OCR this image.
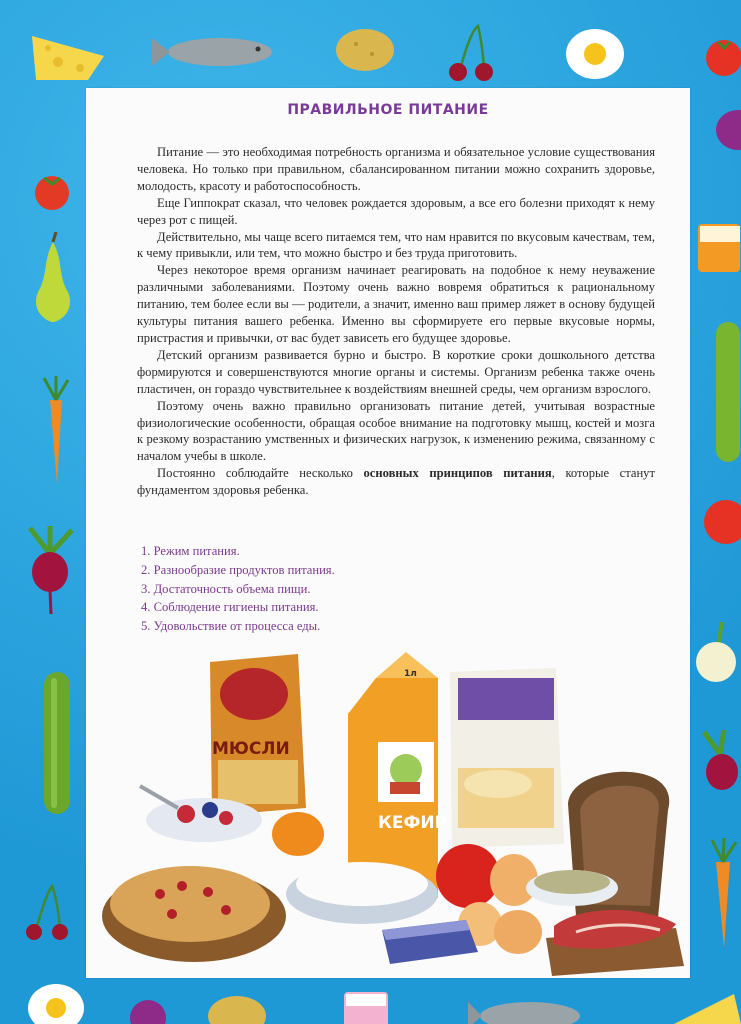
ПРАВИЛЬНОЕ ПИТАНИЕ

Питание — это необходимая потребность организма и обязательное условие существования человека. Но только при правильном, сбалансированном питании можно сохранить здоровье, молодость, красоту и работоспособность.

Еще Гиппократ сказал, что человек рождается здоровым, а все его болезни приходят к нему через рот с пищей.

Действительно, мы чаще всего питаемся тем, что нам нравится по вкусовым качествам, тем, к чему привыкли, или тем, что можно быстро и без труда приготовить.

Через некоторое время организм начинает реагировать на подобное к нему неуважение различными заболеваниями. Поэтому очень важно вовремя обратиться к рациональному питанию, тем более если вы — родители, а значит, именно ваш пример ляжет в основу будущей культуры питания вашего ребенка. Именно вы сформируете его первые вкусовые нормы, пристрастия и привычки, от вас будет зависеть его будущее здоровье.

Детский организм развивается бурно и быстро. В короткие сроки дошкольного детства формируются и совершенствуются многие органы и системы. Организм ребенка также очень пластичен, он гораздо чувствительнее к воздействиям внешней среды, чем организм взрослого.

Поэтому очень важно правильно организовать питание детей, учитывая возрастные физиологические особенности, обращая особое внимание на подготовку мышц, костей и мозга к резкому возрастанию умственных и физических нагрузок, к изменению режима, связанному с началом учебы в школе.

Постоянно соблюдайте несколько основных принципов питания, которые станут фундаментом здоровья ребенка.

1. Режим питания.
2. Разнообразие продуктов питания.
3. Достаточность объема пищи.
4. Соблюдение гигиены питания.
5. Удовольствие от процесса еды.
МЮСЛИ
1л
КЕФИР
